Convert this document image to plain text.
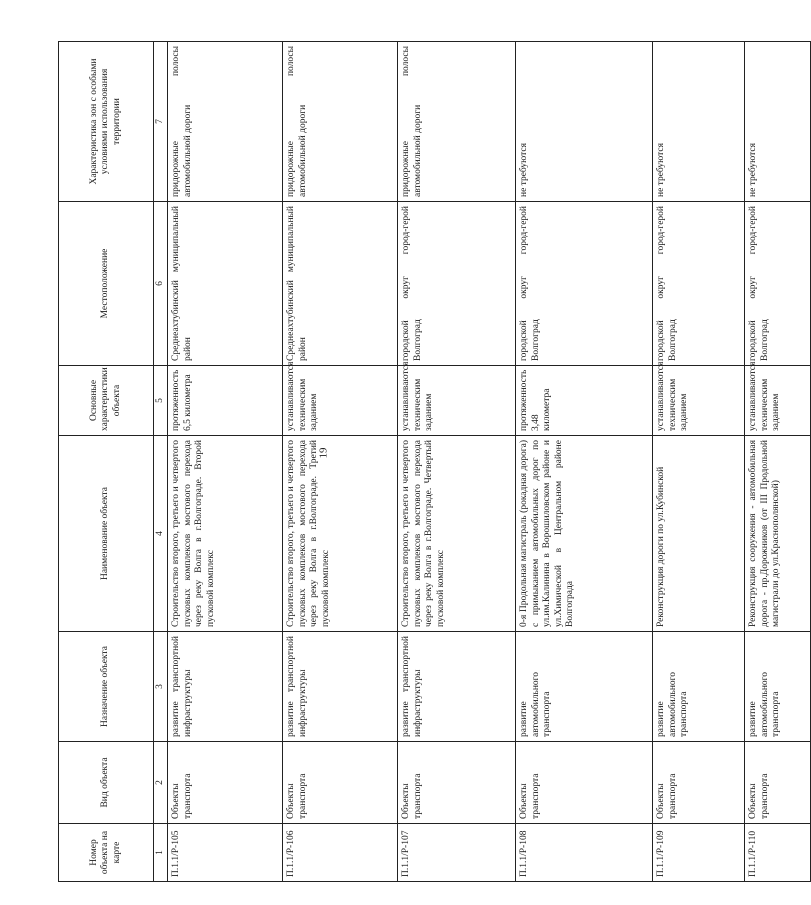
19
Номер объекта на карте	Вид объекта	Назначение объекта	Наименование объекта	Основные характеристики объекта	Местоположение	Характеристика зон с особыми условиями использования территории
1	2	3	4	5	6	7
П.1.1/Р-105	Объекты транспорта	развитие транспортной инфраструктуры	Строительство второго, третьего и четвертого пусковых комплексов мостового перехода через реку Волга в г.Волгограде. Второй пусковой комплекс	протяженность 6,5 километра	Среднеахтубинский муниципальный район	придорожные полосы автомобильной дороги
П.1.1/Р-106	Объекты транспорта	развитие транспортной инфраструктуры	Строительство второго, третьего и четвертого пусковых комплексов мостового перехода через реку Волга в г.Волгограде. Третий пусковой комплекс	устанавливаются техническим заданием	Среднеахтубинский муниципальный район	придорожные полосы автомобильной дороги
П.1.1/Р-107	Объекты транспорта	развитие транспортной инфраструктуры	Строительство второго, третьего и четвертого пусковых комплексов мостового перехода через реку Волга в г.Волгограде. Четвертый пусковой комплекс	устанавливаются техническим заданием	городской округ город-герой Волгоград	придорожные полосы автомобильной дороги
П.1.1/Р-108	Объекты транспорта	развитие автомобильного транспорта	0-я Продольная магистраль (рокадная дорога) с примыканием автомобильных дорог по ул.им.Калинина в Ворошиловском районе и ул.Химической в Центральном районе Волгограда	протяженность 3,48 километра	городской округ город-герой Волгоград	не требуются
П.1.1/Р-109	Объекты транспорта	развитие автомобильного транспорта	Реконструкция дороги по ул.Кубинской	устанавливаются техническим заданием	городской округ город-герой Волгоград	не требуются
П.1.1/Р-110	Объекты транспорта	развитие автомобильного транспорта	Реконструкция сооружения - автомобильная дорога - пр.Дорожников (от III Продольной магистрали до ул.Краснополянской)	устанавливаются техническим заданием	городской округ город-герой Волгоград	не требуются
